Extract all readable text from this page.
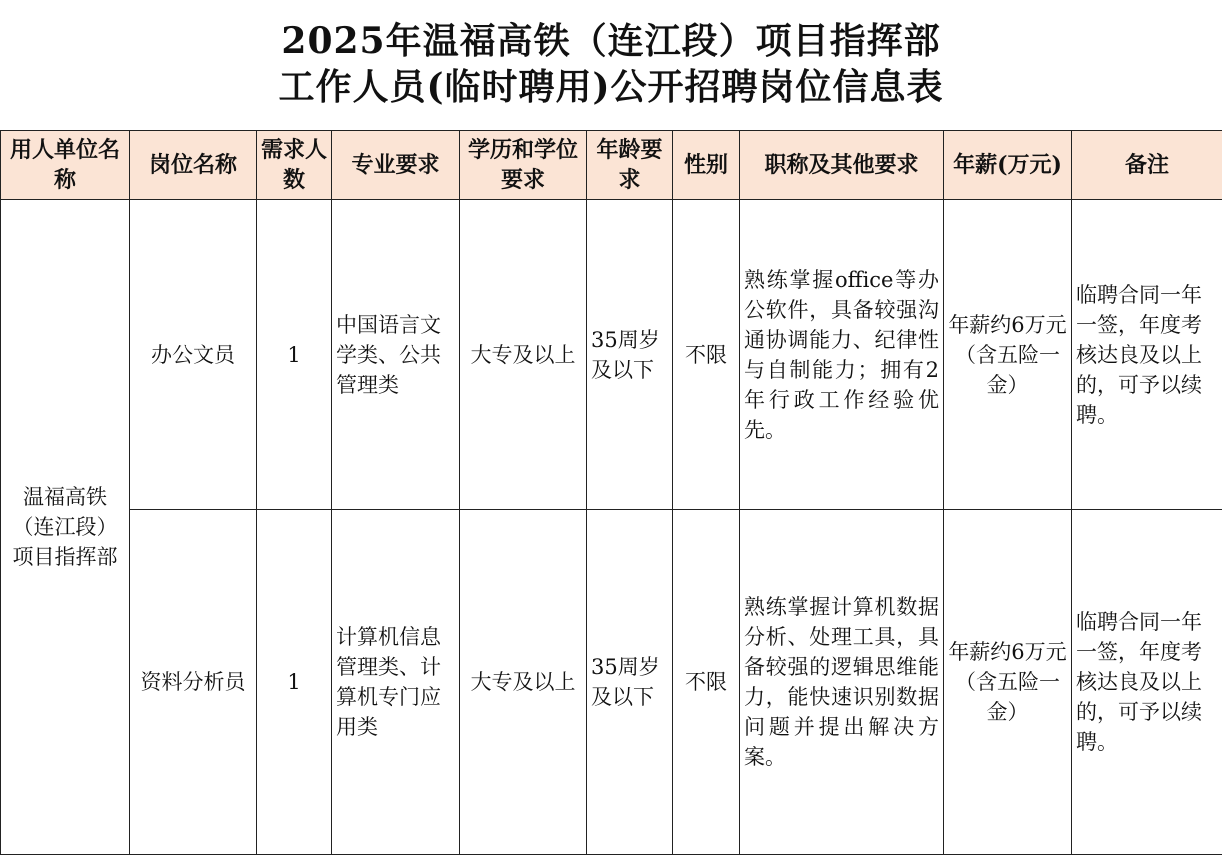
2025年温福高铁（连江段）项目指挥部
工作人员(临时聘用)公开招聘岗位信息表
用人单位名称	岗位名称	需求人数	专业要求	学历和学位要求	年龄要求	性别	职称及其他要求	年薪(万元)	备注
温福高铁（连江段）项目指挥部	办公文员	1	中国语言文学类、公共管理类	大专及以上	35周岁及以下	不限	熟练掌握office等办公软件，具备较强沟通协调能力、纪律性与自制能力；拥有2年行政工作经验优先。	年薪约6万元（含五险一金）	临聘合同一年一签，年度考核达良及以上的，可予以续聘。
	资料分析员	1	计算机信息管理类、计算机专门应用类	大专及以上	35周岁及以下	不限	熟练掌握计算机数据分析、处理工具，具备较强的逻辑思维能力，能快速识别数据问题并提出解决方案。	年薪约6万元（含五险一金）	临聘合同一年一签，年度考核达良及以上的，可予以续聘。
